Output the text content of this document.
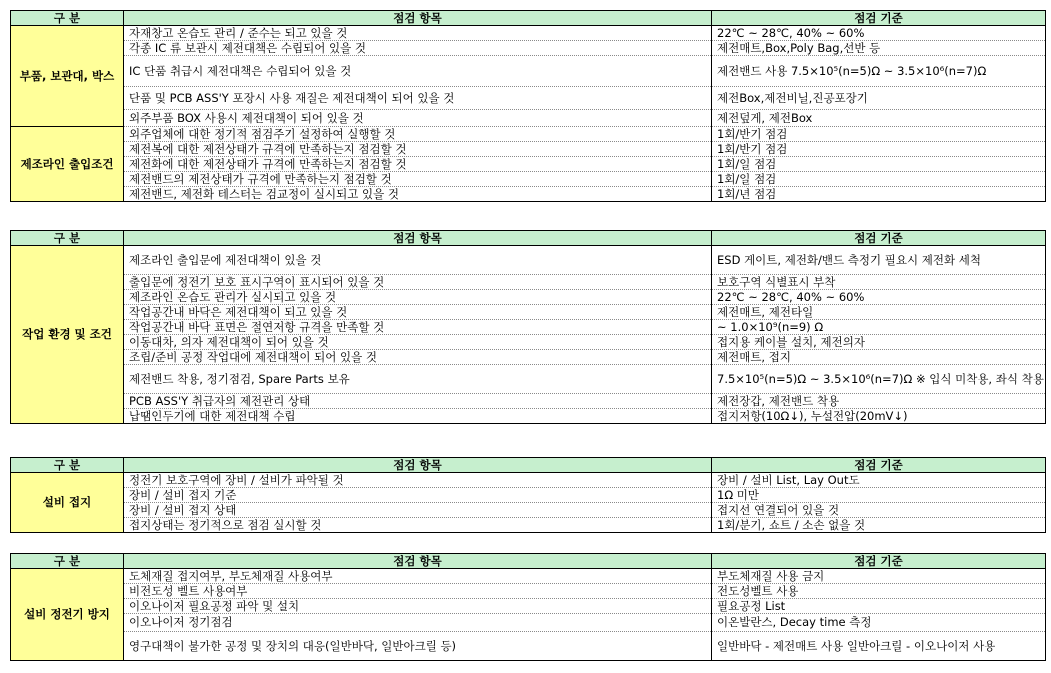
구 분	점검 항목	점검 기준
부품, 보관대, 박스	자재창고 온습도 관리 / 준수는 되고 있을 것	22℃ ~ 28℃, 40% ~ 60%
	각종 IC 류 보관시 제전대책은 수립되어 있을 것	제전매트,Box,Poly Bag,선반 등
	IC 단품 취급시 제전대책은 수립되어 있을 것	제전밴드 사용 7.5×10⁵(n=5)Ω ~ 3.5×10⁶(n=7)Ω
	단품 및 PCB ASS'Y 포장시 사용 재질은 제전대책이 되어 있을 것	제전Box,제전비닐,진공포장기
	외주부품 BOX 사용시 제전대책이 되어 있을 것	제전덮게, 제전Box
제조라인 출입조건	외주업체에 대한 정기적 점검주기 설정하여 실행할 것	1회/반기 점검
	제전복에 대한 제전상태가 규격에 만족하는지 점검할 것	1회/반기 점검
	제전화에 대한 제전상태가 규격에 만족하는지 점검할 것	1회/일 점검
	제전밴드의 제전상태가 규격에 만족하는지 점검할 것	1회/일 점검
	제전밴드, 제전화 테스터는 검교정이 실시되고 있을 것	1회/년 점검
구 분	점검 항목	점검 기준
작업 환경 및 조건	제조라인 출입문에 제전대책이 있을 것	ESD 게이트, 제전화/밴드 측정기 필요시 제전화 세척
	출입문에 정전기 보호 표시구역이 표시되어 있을 것	보호구역 식별표시 부착
	제조라인 온습도 관리가 실시되고 있을 것	22℃ ~ 28℃, 40% ~ 60%
	작업공간내 바닥은 제전대책이 되고 있을 것	제전매트, 제전타일
	작업공간내 바닥 표면은 절연저항 규격을 만족할 것	~ 1.0×10⁹(n=9) Ω
	이동대차, 의자 제전대책이 되어 있을 것	접지용 케이블 설치, 제전의자
	조립/준비 공정 작업대에 제전대책이 되어 있을 것	제전매트, 접지
	제전밴드 착용, 정기점검, Spare Parts 보유	7.5×10⁵(n=5)Ω ~ 3.5×10⁶(n=7)Ω ※ 입식 미착용, 좌식 착용
	PCB ASS'Y 취급자의 제전관리 상태	제전장갑, 제전밴드 착용
	납땜인두기에 대한 제전대책 수립	접지저항(10Ω↓), 누설전압(20mV↓)
구 분	점검 항목	점검 기준
설비 접지	정전기 보호구역에 장비 / 설비가 파악될 것	장비 / 설비 List, Lay Out도
	장비 / 설비 접지 기준	1Ω 미만
	장비 / 설비 접지 상태	접지선 연결되어 있을 것
	접지상태는 정기적으로 점검 실시할 것	1회/분기, 쇼트 / 소손 없을 것
구 분	점검 항목	점검 기준
설비 정전기 방지	도체재질 접지여부, 부도체재질 사용여부	부도체재질 사용 금지
	비전도성 벨트 사용여부	전도성벨트 사용
	이오나이저 필요공정 파악 및 설치	필요공정 List
	이오나이저 정기점검	이온발란스, Decay time 측정
	영구대책이 불가한 공정 및 장치의 대응(일반바닥, 일반아크릴 등)	일반바닥 - 제전매트 사용 일반아크릴 - 이오나이저 사용
